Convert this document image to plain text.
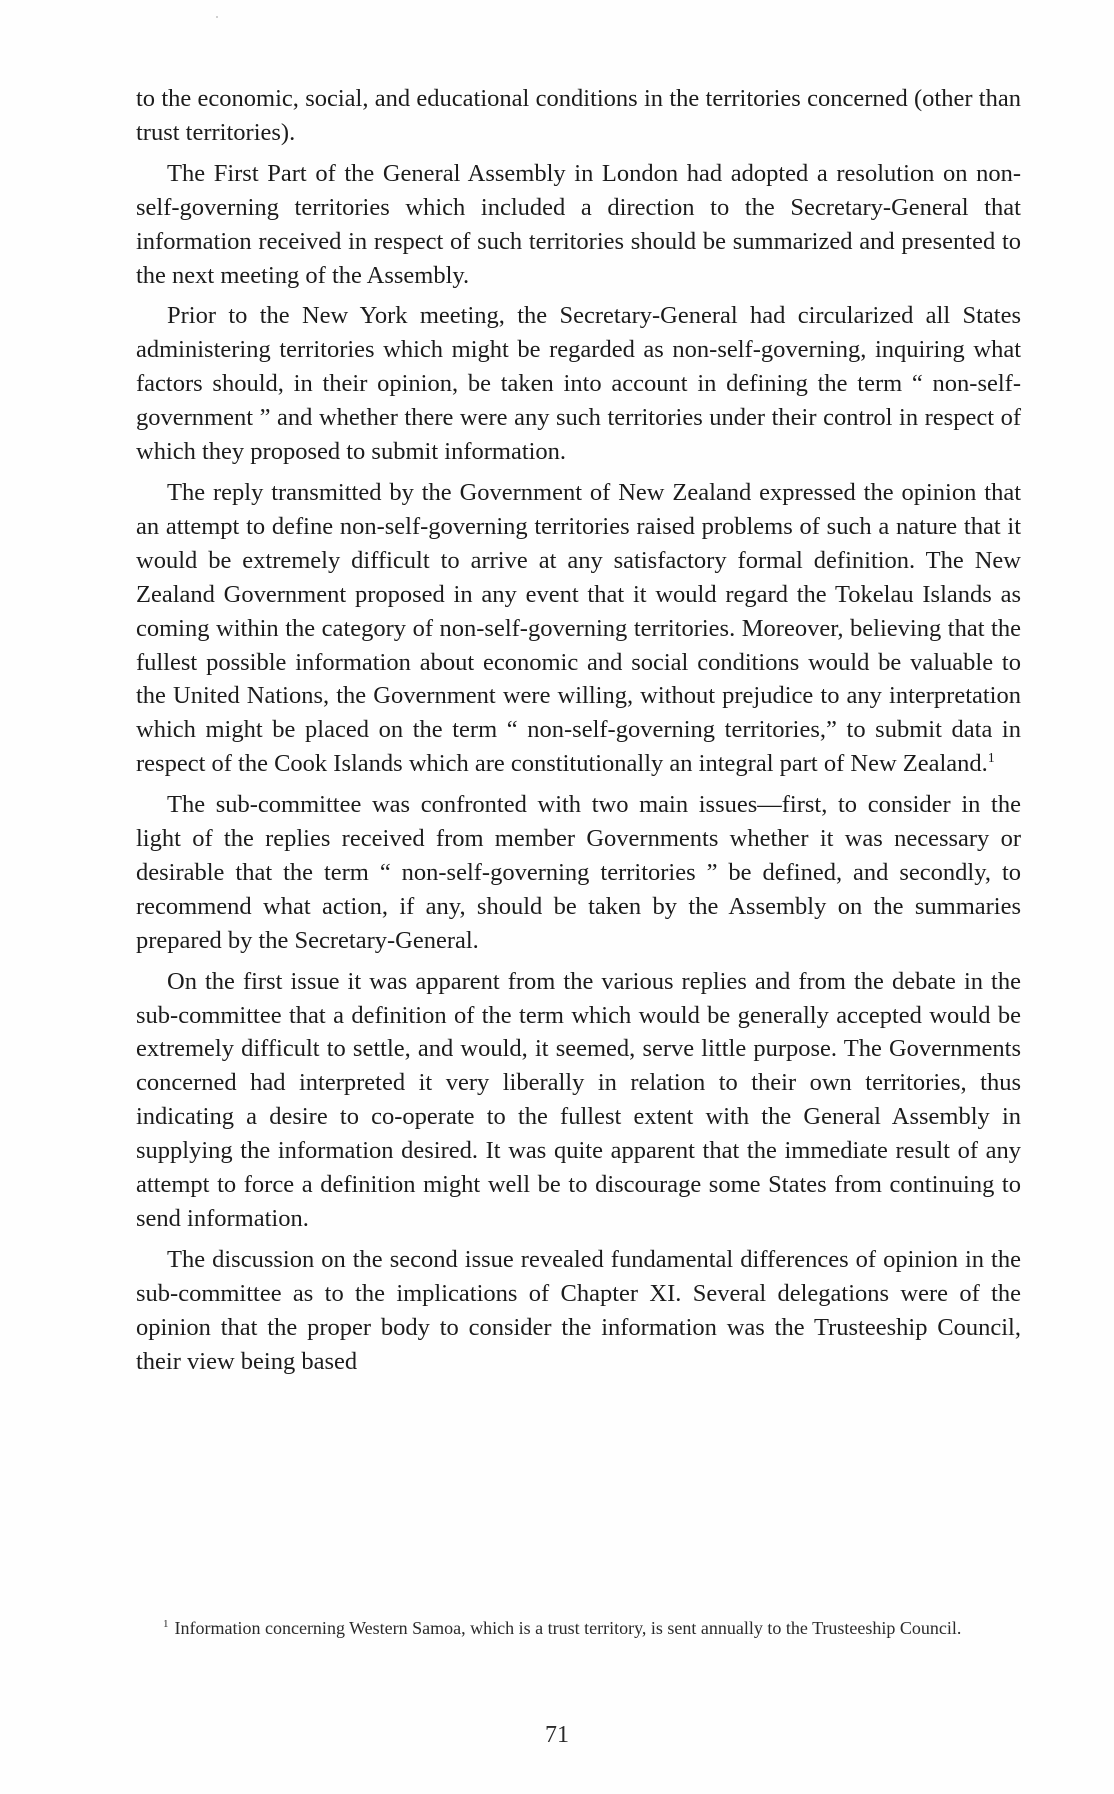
to the economic, social, and educational conditions in the territories concerned (other than trust territories).

The First Part of the General Assembly in London had adopted a resolution on non-self-governing territories which included a direction to the Secretary-General that information received in respect of such territories should be summarized and presented to the next meeting of the Assembly.

Prior to the New York meeting, the Secretary-General had circularized all States administering territories which might be regarded as non-self-governing, inquiring what factors should, in their opinion, be taken into account in defining the term “ non-self-government ” and whether there were any such territories under their control in respect of which they proposed to submit information.

The reply transmitted by the Government of New Zealand expressed the opinion that an attempt to define non-self-governing territories raised problems of such a nature that it would be extremely difficult to arrive at any satisfactory formal definition. The New Zealand Government proposed in any event that it would regard the Tokelau Islands as coming within the category of non-self-governing territories. Moreover, believing that the fullest possible information about economic and social conditions would be valuable to the United Nations, the Government were willing, without prejudice to any interpretation which might be placed on the term “ non-self-governing territories,” to submit data in respect of the Cook Islands which are constitutionally an integral part of New Zealand.$^1$

The sub-committee was confronted with two main issues—first, to consider in the light of the replies received from member Governments whether it was necessary or desirable that the term “ non-self-governing territories ” be defined, and secondly, to recommend what action, if any, should be taken by the Assembly on the summaries prepared by the Secretary-General.

On the first issue it was apparent from the various replies and from the debate in the sub-committee that a definition of the term which would be generally accepted would be extremely difficult to settle, and would, it seemed, serve little purpose. The Governments concerned had interpreted it very liberally in relation to their own territories, thus indicating a desire to co-operate to the fullest extent with the General Assembly in supplying the information desired. It was quite apparent that the immediate result of any attempt to force a definition might well be to discourage some States from continuing to send information.

The discussion on the second issue revealed fundamental differences of opinion in the sub-committee as to the implications of Chapter XI. Several delegations were of the opinion that the proper body to consider the information was the Trusteeship Council, their view being based

$^1$ Information concerning Western Samoa, which is a trust territory, is sent annually to the Trusteeship Council.

71
